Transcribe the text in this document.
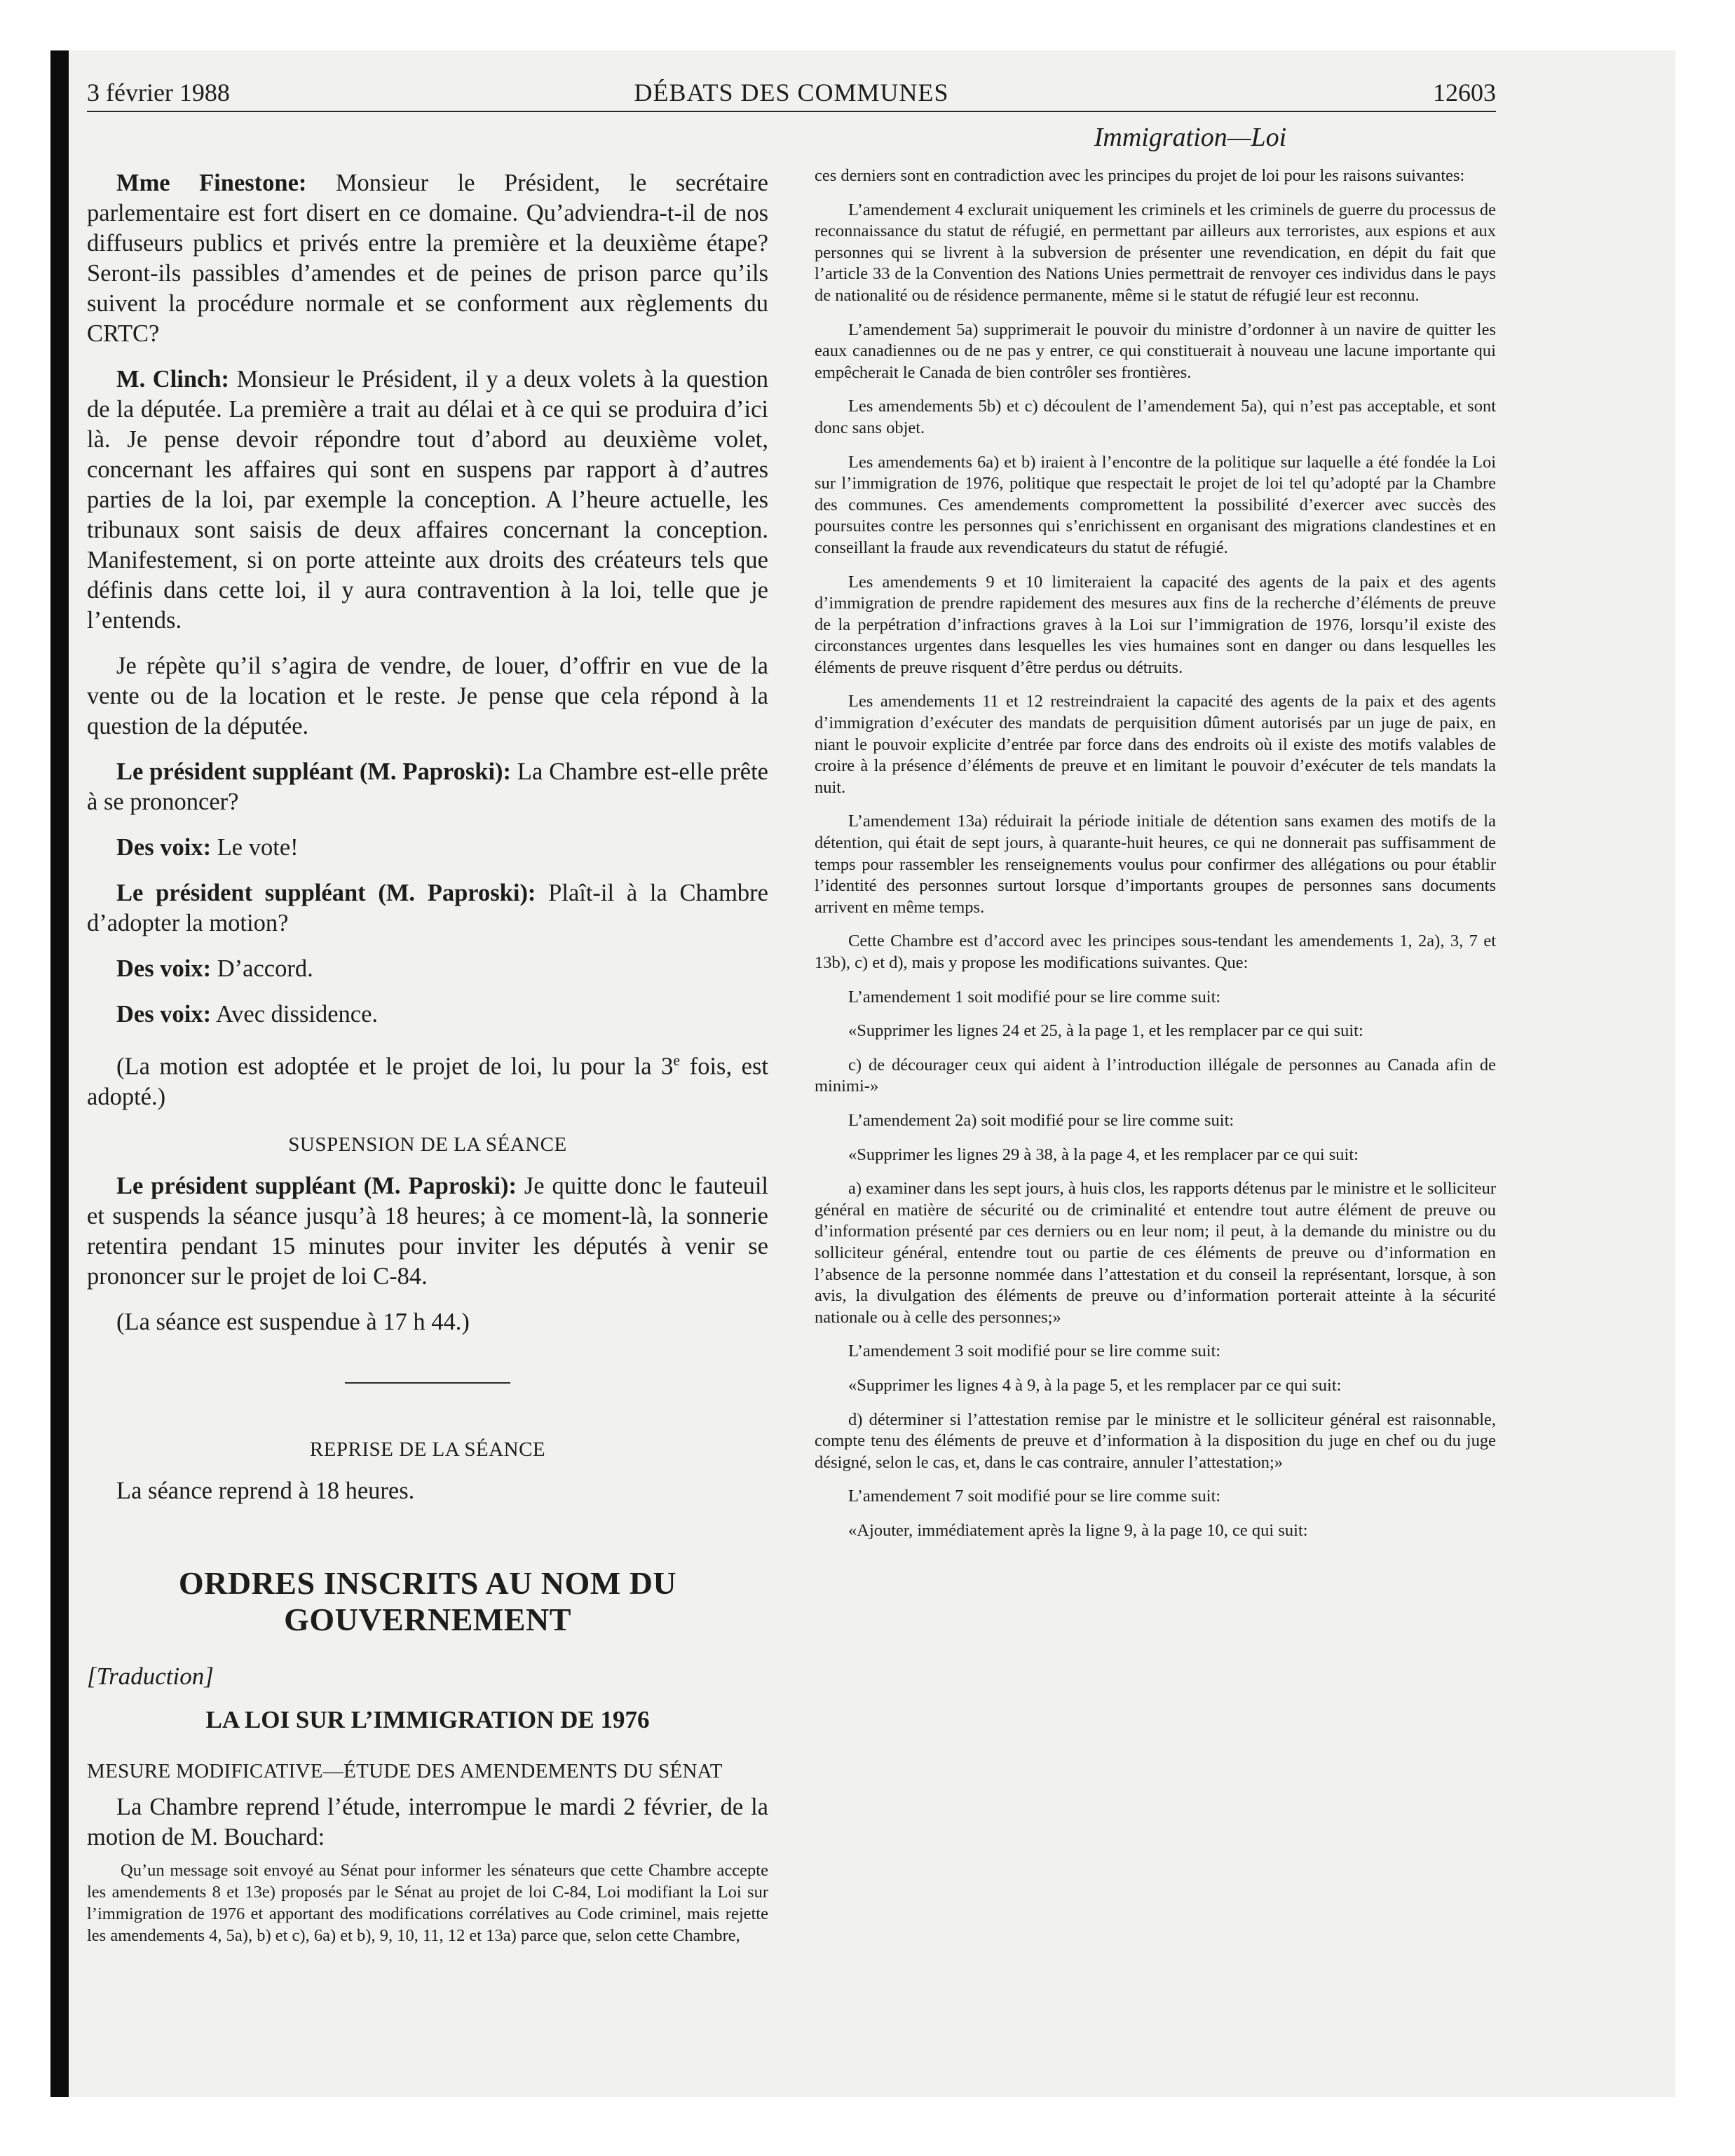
3 février 1988	DÉBATS DES COMMUNES	12603
Immigration—Loi

Mme Finestone: Monsieur le Président, le secrétaire parlementaire est fort disert en ce domaine. Qu’adviendra-t-il de nos diffuseurs publics et privés entre la première et la deuxième étape? Seront-ils passibles d’amendes et de peines de prison parce qu’ils suivent la procédure normale et se conforment aux règlements du CRTC?

M. Clinch: Monsieur le Président, il y a deux volets à la question de la députée. La première a trait au délai et à ce qui se produira d’ici là. Je pense devoir répondre tout d’abord au deuxième volet, concernant les affaires qui sont en suspens par rapport à d’autres parties de la loi, par exemple la conception. A l’heure actuelle, les tribunaux sont saisis de deux affaires concernant la conception. Manifestement, si on porte atteinte aux droits des créateurs tels que définis dans cette loi, il y aura contravention à la loi, telle que je l’entends.

Je répète qu’il s’agira de vendre, de louer, d’offrir en vue de la vente ou de la location et le reste. Je pense que cela répond à la question de la députée.

Le président suppléant (M. Paproski): La Chambre est-elle prête à se prononcer?

Des voix: Le vote!

Le président suppléant (M. Paproski): Plaît-il à la Chambre d’adopter la motion?

Des voix: D’accord.

Des voix: Avec dissidence.

(La motion est adoptée et le projet de loi, lu pour la 3e fois, est adopté.)

SUSPENSION DE LA SÉANCE

Le président suppléant (M. Paproski): Je quitte donc le fauteuil et suspends la séance jusqu’à 18 heures; à ce moment-là, la sonnerie retentira pendant 15 minutes pour inviter les députés à venir se prononcer sur le projet de loi C-84.

(La séance est suspendue à 17 h 44.)

REPRISE DE LA SÉANCE

La séance reprend à 18 heures.

ORDRES INSCRITS AU NOM DU GOUVERNEMENT
[Traduction]
LA LOI SUR L’IMMIGRATION DE 1976
MESURE MODIFICATIVE—ÉTUDE DES AMENDEMENTS DU SÉNAT

La Chambre reprend l’étude, interrompue le mardi 2 février, de la motion de M. Bouchard:

Qu’un message soit envoyé au Sénat pour informer les sénateurs que cette Chambre accepte les amendements 8 et 13e) proposés par le Sénat au projet de loi C-84, Loi modifiant la Loi sur l’immigration de 1976 et apportant des modifications corrélatives au Code criminel, mais rejette les amendements 4, 5a), b) et c), 6a) et b), 9, 10, 11, 12 et 13a) parce que, selon cette Chambre,

ces derniers sont en contradiction avec les principes du projet de loi pour les raisons suivantes:

L’amendement 4 exclurait uniquement les criminels et les criminels de guerre du processus de reconnaissance du statut de réfugié, en permettant par ailleurs aux terroristes, aux espions et aux personnes qui se livrent à la subversion de présenter une revendication, en dépit du fait que l’article 33 de la Convention des Nations Unies permettrait de renvoyer ces individus dans le pays de nationalité ou de résidence permanente, même si le statut de réfugié leur est reconnu.

L’amendement 5a) supprimerait le pouvoir du ministre d’ordonner à un navire de quitter les eaux canadiennes ou de ne pas y entrer, ce qui constituerait à nouveau une lacune importante qui empêcherait le Canada de bien contrôler ses frontières.

Les amendements 5b) et c) découlent de l’amendement 5a), qui n’est pas acceptable, et sont donc sans objet.

Les amendements 6a) et b) iraient à l’encontre de la politique sur laquelle a été fondée la Loi sur l’immigration de 1976, politique que respectait le projet de loi tel qu’adopté par la Chambre des communes. Ces amendements compromettent la possibilité d’exercer avec succès des poursuites contre les personnes qui s’enrichissent en organisant des migrations clandestines et en conseillant la fraude aux revendicateurs du statut de réfugié.

Les amendements 9 et 10 limiteraient la capacité des agents de la paix et des agents d’immigration de prendre rapidement des mesures aux fins de la recherche d’éléments de preuve de la perpétration d’infractions graves à la Loi sur l’immigration de 1976, lorsqu’il existe des circonstances urgentes dans lesquelles les vies humaines sont en danger ou dans lesquelles les éléments de preuve risquent d’être perdus ou détruits.

Les amendements 11 et 12 restreindraient la capacité des agents de la paix et des agents d’immigration d’exécuter des mandats de perquisition dûment autorisés par un juge de paix, en niant le pouvoir explicite d’entrée par force dans des endroits où il existe des motifs valables de croire à la présence d’éléments de preuve et en limitant le pouvoir d’exécuter de tels mandats la nuit.

L’amendement 13a) réduirait la période initiale de détention sans examen des motifs de la détention, qui était de sept jours, à quarante-huit heures, ce qui ne donnerait pas suffisamment de temps pour rassembler les renseignements voulus pour confirmer des allégations ou pour établir l’identité des personnes surtout lorsque d’importants groupes de personnes sans documents arrivent en même temps.

Cette Chambre est d’accord avec les principes sous-tendant les amendements 1, 2a), 3, 7 et 13b), c) et d), mais y propose les modifications suivantes. Que:

L’amendement 1 soit modifié pour se lire comme suit:

«Supprimer les lignes 24 et 25, à la page 1, et les remplacer par ce qui suit:

c) de décourager ceux qui aident à l’introduction illégale de personnes au Canada afin de minimi-»

L’amendement 2a) soit modifié pour se lire comme suit:

«Supprimer les lignes 29 à 38, à la page 4, et les remplacer par ce qui suit:

a) examiner dans les sept jours, à huis clos, les rapports détenus par le ministre et le solliciteur général en matière de sécurité ou de criminalité et entendre tout autre élément de preuve ou d’information présenté par ces derniers ou en leur nom; il peut, à la demande du ministre ou du solliciteur général, entendre tout ou partie de ces éléments de preuve ou d’information en l’absence de la personne nommée dans l’attestation et du conseil la représentant, lorsque, à son avis, la divulgation des éléments de preuve ou d’information porterait atteinte à la sécurité nationale ou à celle des personnes;»

L’amendement 3 soit modifié pour se lire comme suit:

«Supprimer les lignes 4 à 9, à la page 5, et les remplacer par ce qui suit:

d) déterminer si l’attestation remise par le ministre et le solliciteur général est raisonnable, compte tenu des éléments de preuve et d’information à la disposition du juge en chef ou du juge désigné, selon le cas, et, dans le cas contraire, annuler l’attestation;»

L’amendement 7 soit modifié pour se lire comme suit:

«Ajouter, immédiatement après la ligne 9, à la page 10, ce qui suit:
